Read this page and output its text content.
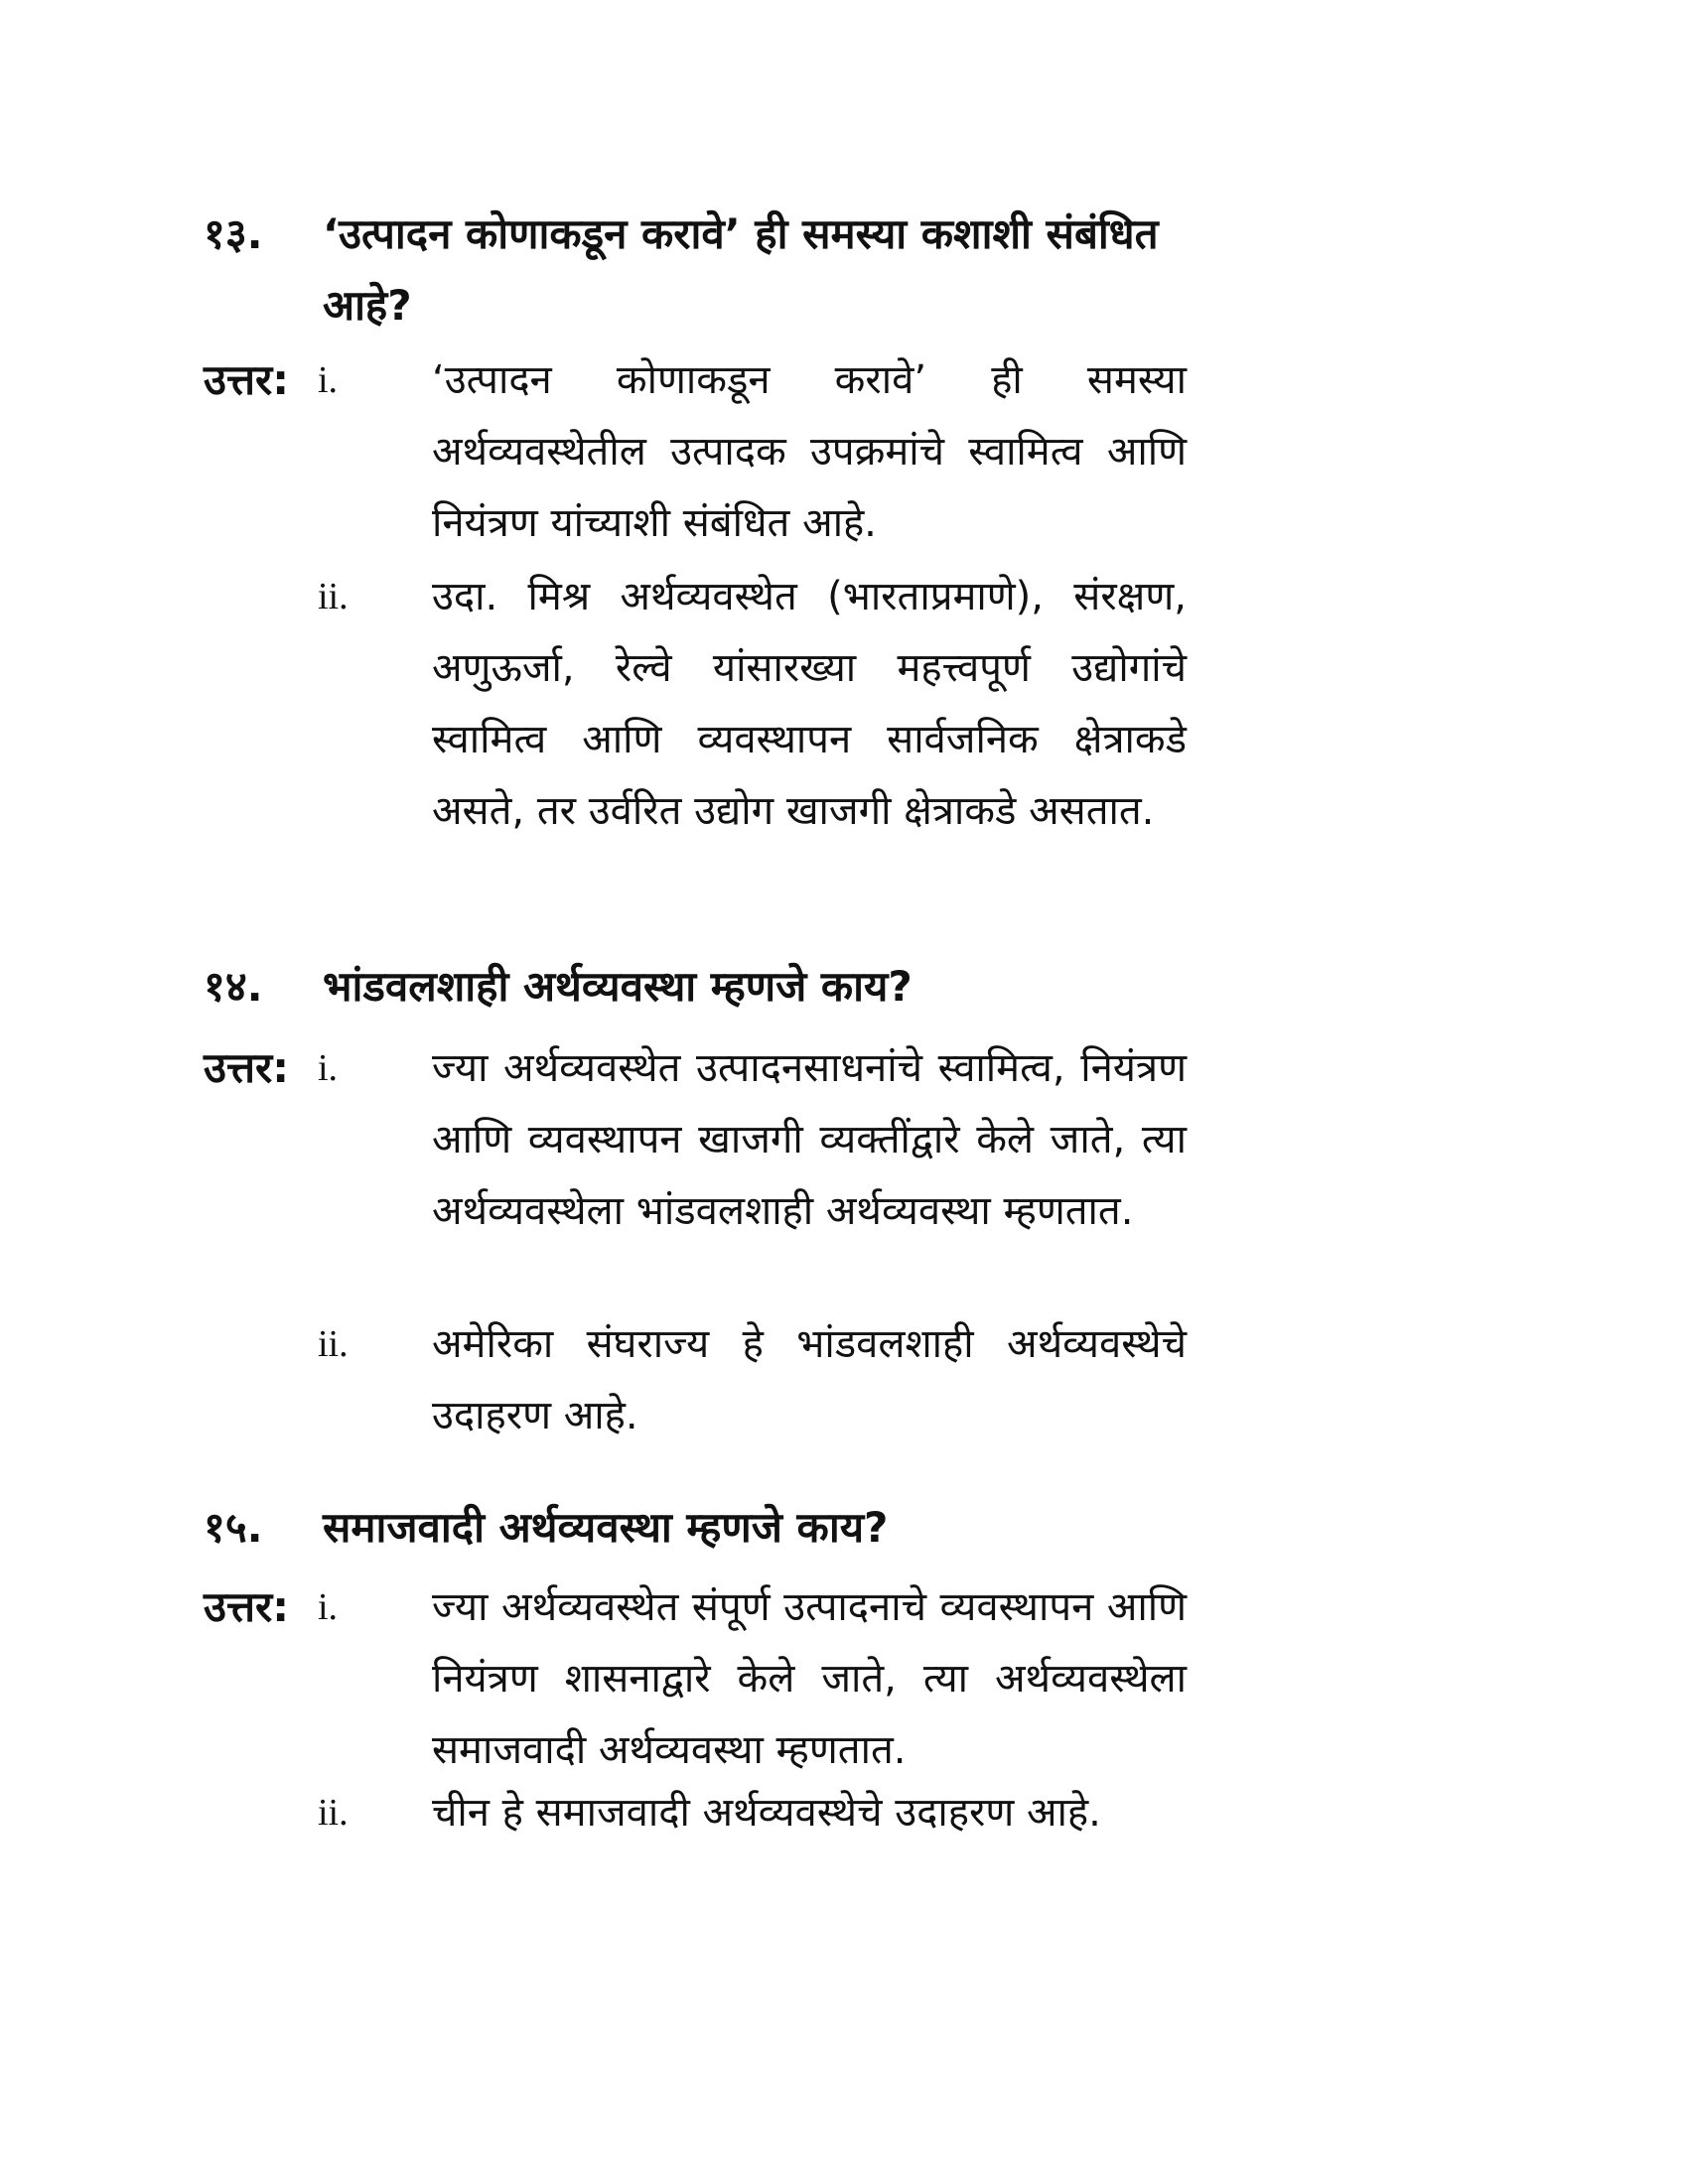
१३.	‘उत्पादन कोणाकडून करावे’ ही समस्या कशाशी संबंधित आहे?
उत्तर: i.	‘उत्पादन कोणाकडून करावे’ ही समस्या अर्थव्यवस्थेतील उत्पादक उपक्रमांचे स्वामित्व आणि नियंत्रण यांच्याशी संबंधित आहे.
ii.	उदा. मिश्र अर्थव्यवस्थेत (भारताप्रमाणे), संरक्षण, अणुऊर्जा, रेल्वे यांसारख्या महत्त्वपूर्ण उद्योगांचे स्वामित्व आणि व्यवस्थापन सार्वजनिक क्षेत्राकडे असते, तर उर्वरित उद्योग खाजगी क्षेत्राकडे असतात.
१४.	भांडवलशाही अर्थव्यवस्था म्हणजे काय?
उत्तर: i.	ज्या अर्थव्यवस्थेत उत्पादनसाधनांचे स्वामित्व, नियंत्रण आणि व्यवस्थापन खाजगी व्यक्तींद्वारे केले जाते, त्या अर्थव्यवस्थेला भांडवलशाही अर्थव्यवस्था म्हणतात.
ii.	अमेरिका संघराज्य हे भांडवलशाही अर्थव्यवस्थेचे उदाहरण आहे.
१५.	समाजवादी अर्थव्यवस्था म्हणजे काय?
उत्तर: i.	ज्या अर्थव्यवस्थेत संपूर्ण उत्पादनाचे व्यवस्थापन आणि नियंत्रण शासनाद्वारे केले जाते, त्या अर्थव्यवस्थेला समाजवादी अर्थव्यवस्था म्हणतात.
ii.	चीन हे समाजवादी अर्थव्यवस्थेचे उदाहरण आहे.
